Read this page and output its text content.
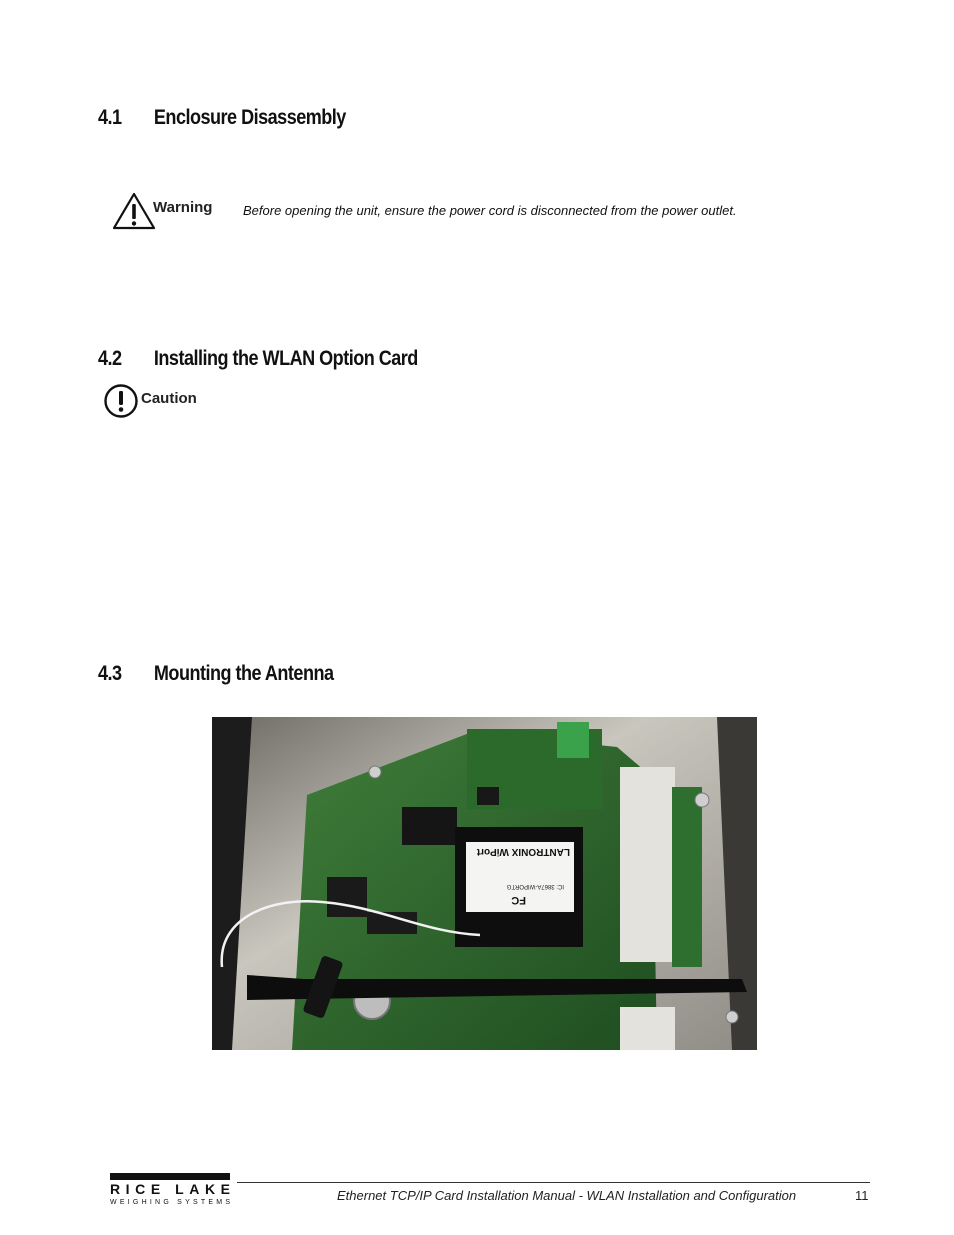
4.1 Enclosure Disassembly
Warning Before opening the unit, ensure the power cord is disconnected from the power outlet.
4.2 Installing the WLAN Option Card
Caution
4.3 Mounting the Antenna
FC
IC: 3867A-WIPORTG
LANTRONIX WiPort
RICE LAKE
WEIGHING SYSTEMS	Ethernet TCP/IP Card Installation Manual - WLAN Installation and Configuration	11
